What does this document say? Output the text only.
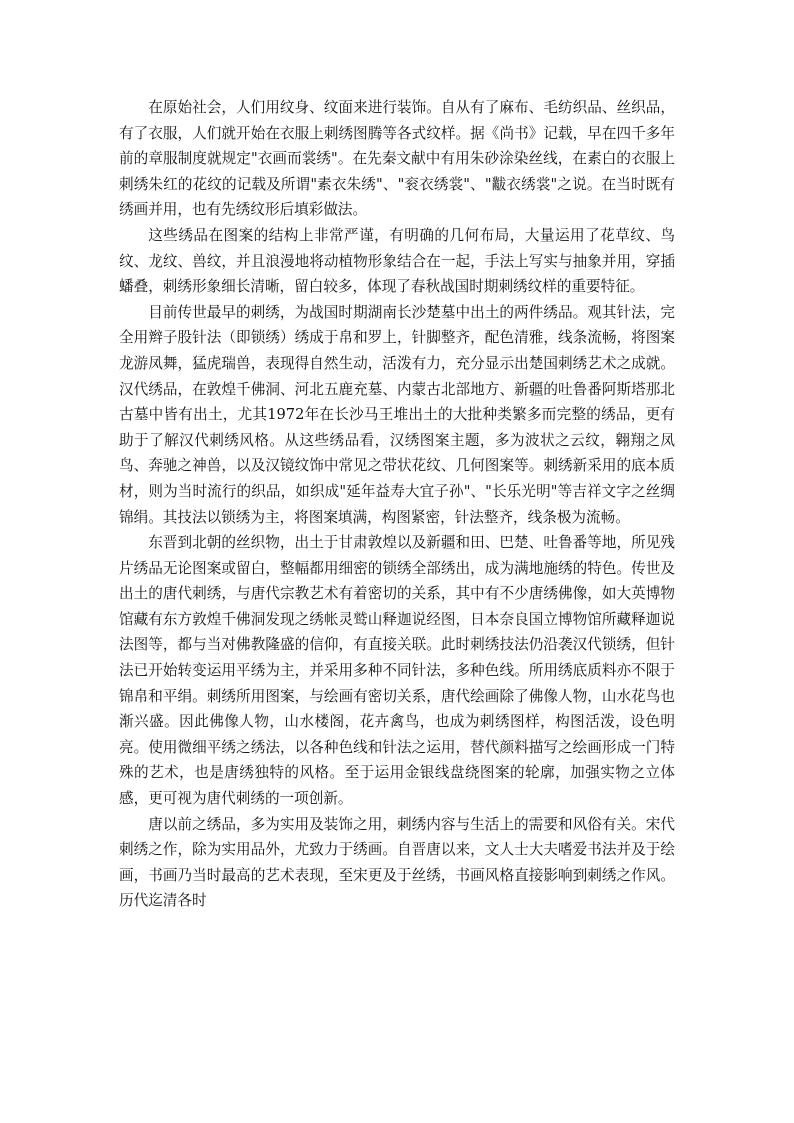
在原始社会，人们用纹身、纹面来进行装饰。自从有了麻布、毛纺织品、丝织品，有了衣服，人们就开始在衣服上刺绣图腾等各式纹样。据《尚书》记载，早在四千多年前的章服制度就规定"衣画而裳绣"。在先秦文献中有用朱砂涂染丝线，在素白的衣服上刺绣朱红的花纹的记载及所谓"素衣朱绣"、"衮衣绣裳"、"黻衣绣裳"之说。在当时既有绣画并用，也有先绣纹形后填彩做法。

这些绣品在图案的结构上非常严谨，有明确的几何布局，大量运用了花草纹、鸟纹、龙纹、兽纹，并且浪漫地将动植物形象结合在一起，手法上写实与抽象并用，穿插蟠叠，刺绣形象细长清晰，留白较多，体现了春秋战国时期刺绣纹样的重要特征。

目前传世最早的刺绣，为战国时期湖南长沙楚墓中出土的两件绣品。观其针法，完全用辫子股针法（即锁绣）绣成于帛和罗上，针脚整齐，配色清雅，线条流畅，将图案龙游凤舞，猛虎瑞兽，表现得自然生动，活泼有力，充分显示出楚国刺绣艺术之成就。汉代绣品，在敦煌千佛洞、河北五鹿充墓、内蒙古北部地方、新疆的吐鲁番阿斯塔那北古墓中皆有出土，尤其1972年在长沙马王堆出土的大批种类繁多而完整的绣品，更有助于了解汉代刺绣风格。从这些绣品看，汉绣图案主题，多为波状之云纹，翱翔之凤鸟、奔驰之神兽，以及汉镜纹饰中常见之带状花纹、几何图案等。刺绣新采用的底本质材，则为当时流行的织品，如织成"延年益寿大宜子孙"、"长乐光明"等吉祥文字之丝绸锦绢。其技法以锁绣为主，将图案填满，构图紧密，针法整齐，线条极为流畅。

东晋到北朝的丝织物，出土于甘肃敦煌以及新疆和田、巴楚、吐鲁番等地，所见残片绣品无论图案或留白，整幅都用细密的锁绣全部绣出，成为满地施绣的特色。传世及出土的唐代刺绣，与唐代宗教艺术有着密切的关系，其中有不少唐绣佛像，如大英博物馆藏有东方敦煌千佛洞发现之绣帐灵鹫山释迦说经图，日本奈良国立博物馆所藏释迦说法图等，都与当对佛教隆盛的信仰，有直接关联。此时刺绣技法仍沿袭汉代锁绣，但针法已开始转变运用平绣为主，并采用多种不同针法，多种色线。所用绣底质料亦不限于锦帛和平绢。刺绣所用图案，与绘画有密切关系，唐代绘画除了佛像人物，山水花鸟也渐兴盛。因此佛像人物，山水楼阁，花卉禽鸟，也成为刺绣图样，构图活泼，设色明亮。使用微细平绣之绣法，以各种色线和针法之运用，替代颜料描写之绘画形成一门特殊的艺术，也是唐绣独特的风格。至于运用金银线盘绕图案的轮廓，加强实物之立体感，更可视为唐代刺绣的一项创新。

唐以前之绣品，多为实用及装饰之用，刺绣内容与生活上的需要和风俗有关。宋代刺绣之作，除为实用品外，尤致力于绣画。自晋唐以来，文人士大夫嗜爱书法并及于绘画，书画乃当时最高的艺术表现，至宋更及于丝绣，书画风格直接影响到刺绣之作风。历代迄清各时
